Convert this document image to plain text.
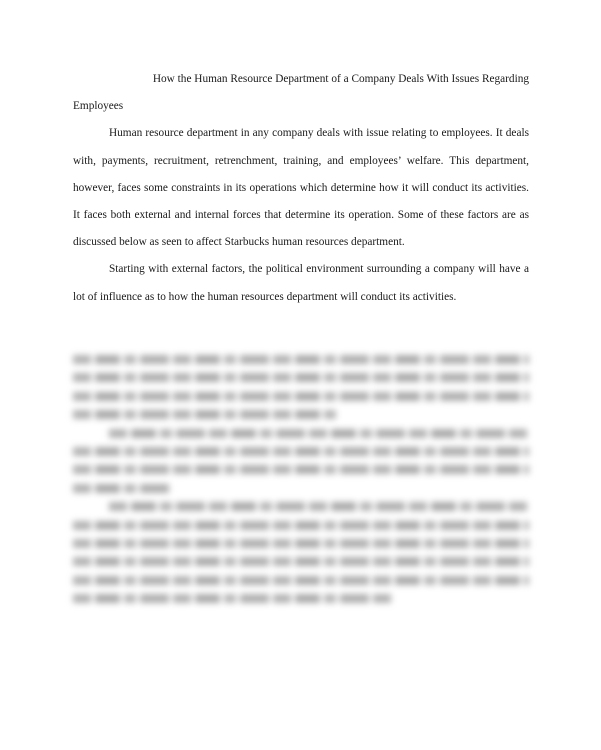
How the Human Resource Department of a Company Deals With Issues Regarding
Employees

Human resource department in any company deals with issue relating to employees. It deals with, payments, recruitment, retrenchment, training, and employees’ welfare. This department, however, faces some constraints in its operations which determine how it will conduct its activities. It faces both external and internal forces that determine its operation. Some of these factors are as discussed below as seen to affect Starbucks human resources department.

Starting with external factors, the political environment surrounding a company will have a lot of influence as to how the human resources department will conduct its activities.
